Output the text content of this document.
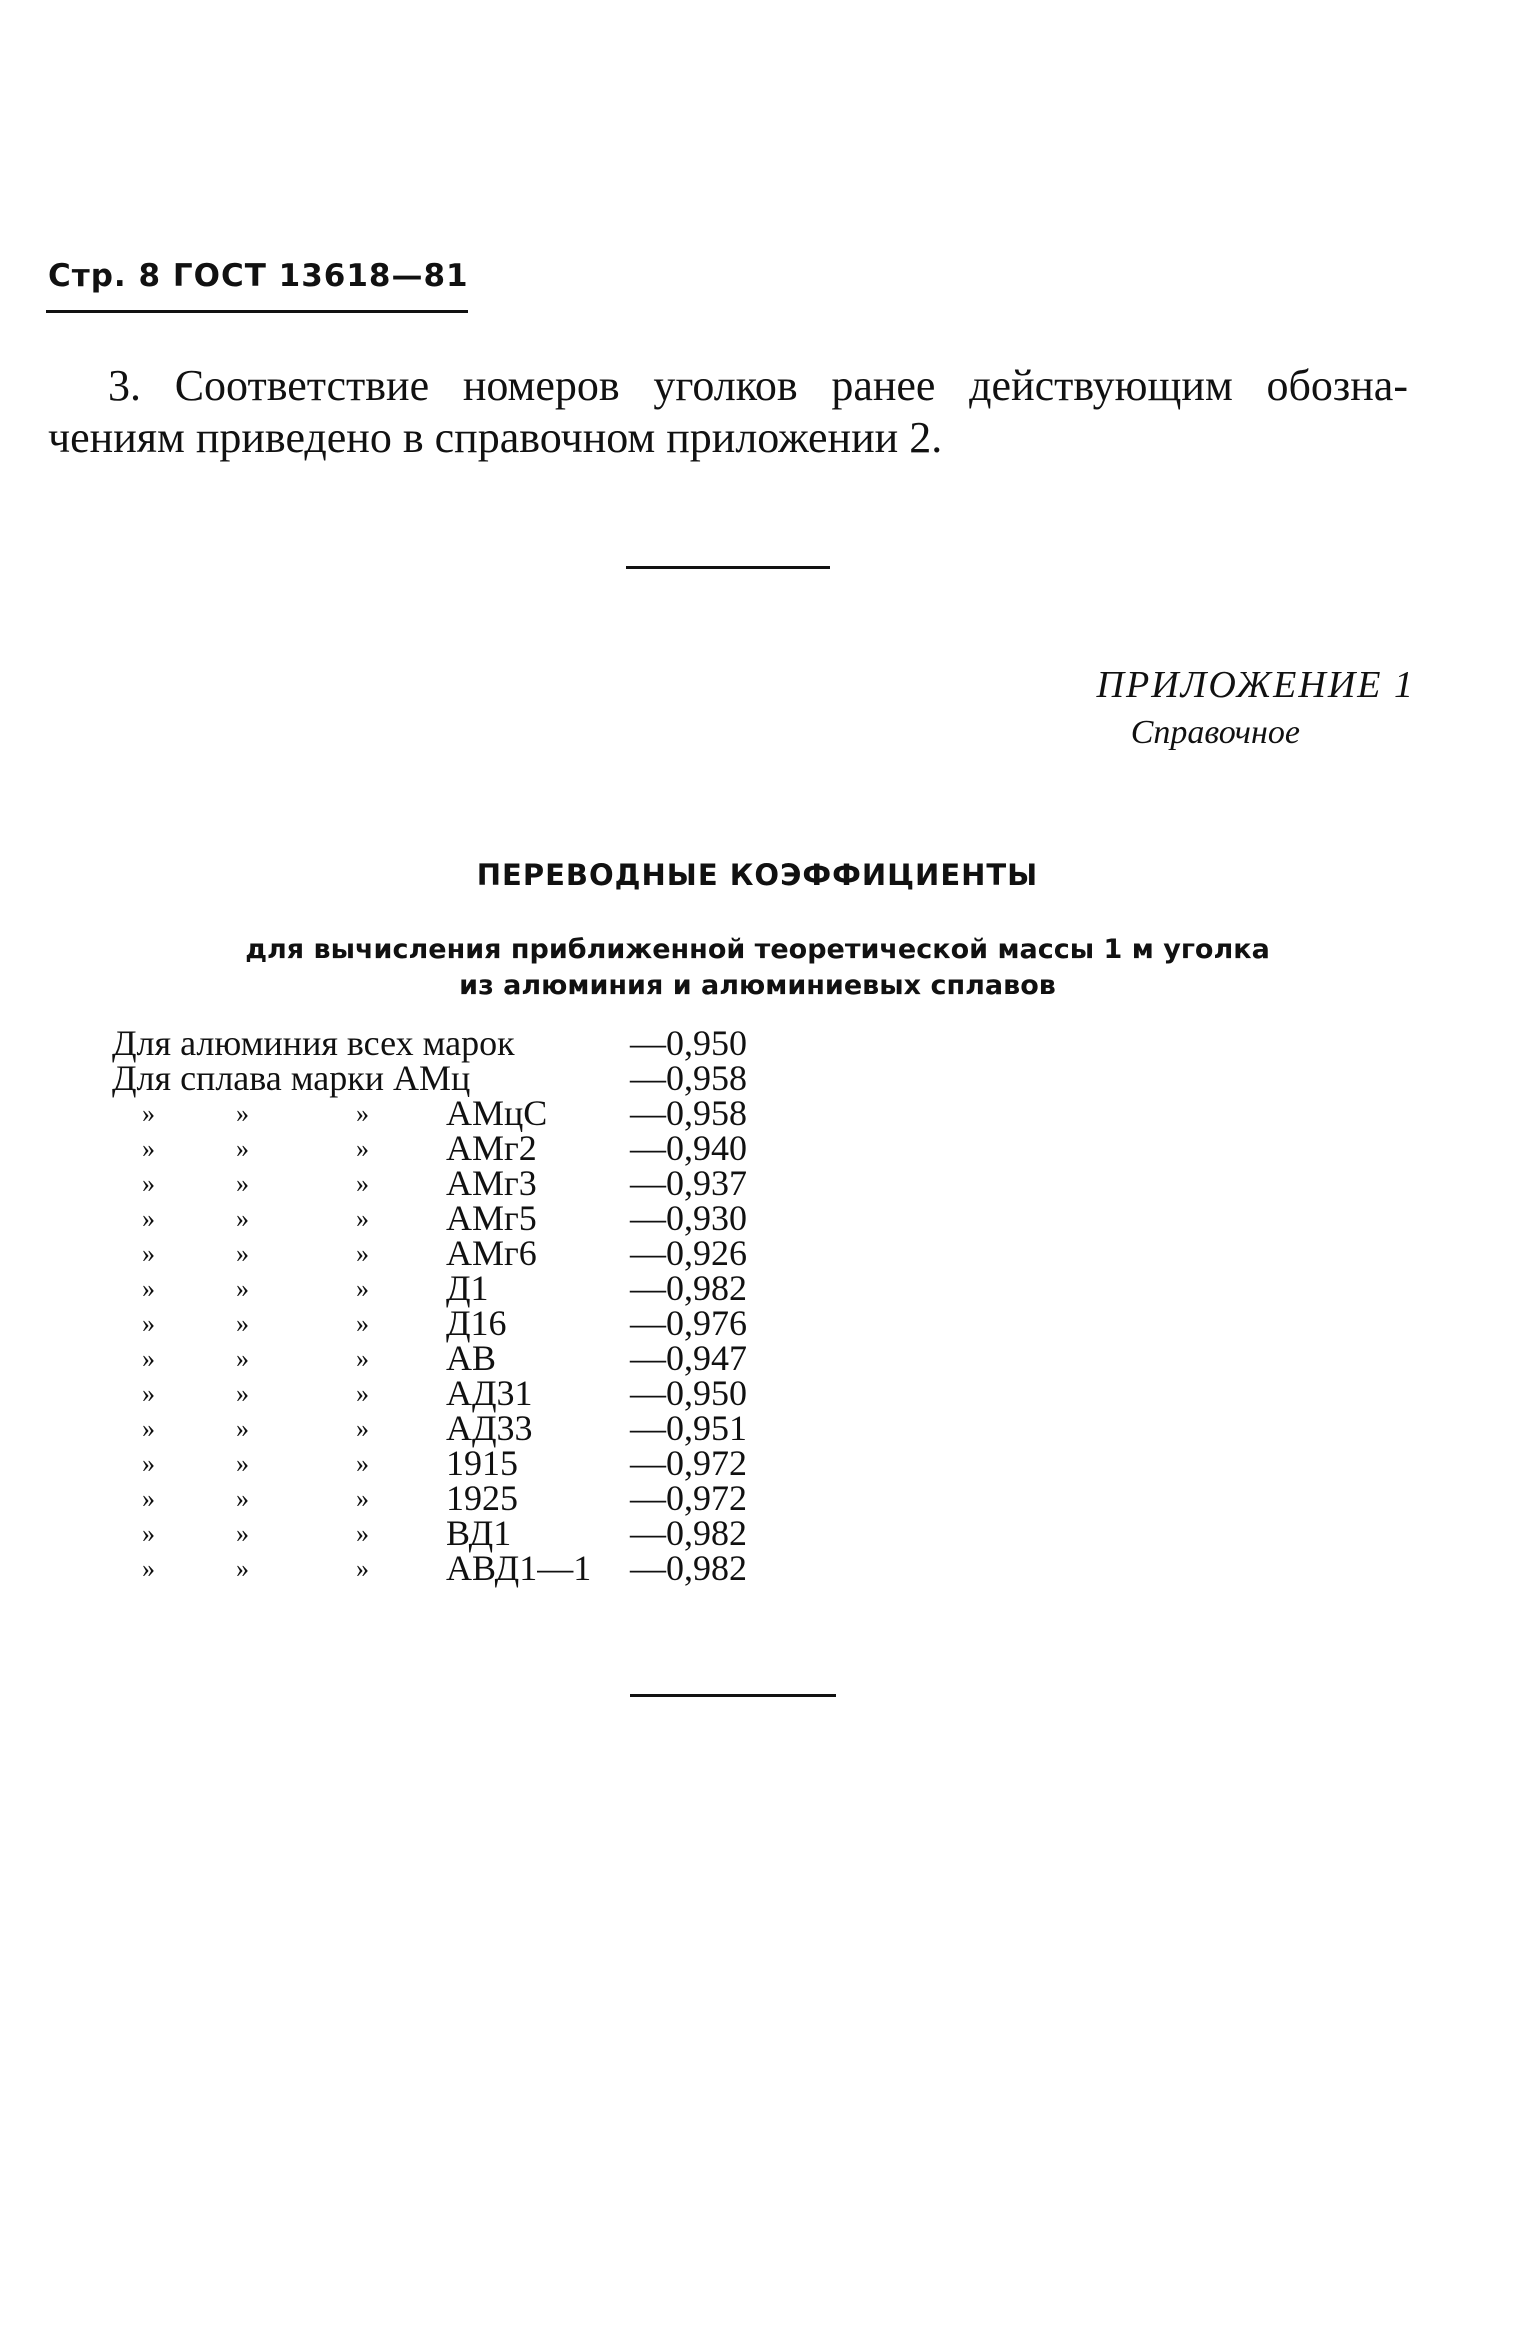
Стр. 8 ГОСТ 13618—81
3. Соответствие номеров уголков ранее действующим обозна- чениям приведено в справочном приложении 2.
ПРИЛОЖЕНИЕ 1
Справочное
ПЕРЕВОДНЫЕ КОЭФФИЦИЕНТЫ
для вычисления приближенной теоретической массы 1 м уголка
из алюминия и алюминиевых сплавов
Для алюминия всех марок	—0,950
Для сплава марки АМц	—0,958
»	»	» АМцС —0,958
»	»	» АМг2	—0,940
»	»	» АМг3	—0,937
»	»	» АМг5	—0,930
»	»	» АМг6	—0,926
»	»	» Д1	—0,982
»	»	» Д16	—0,976
»	»	» АВ	—0,947
»	»	» АД31	—0,950
»	»	» АД33	—0,951
»	»	» 1915	—0,972
»	»	» 1925	—0,972
»	»	» ВД1	—0,982
»	»	» АВД1—1 —0,982
